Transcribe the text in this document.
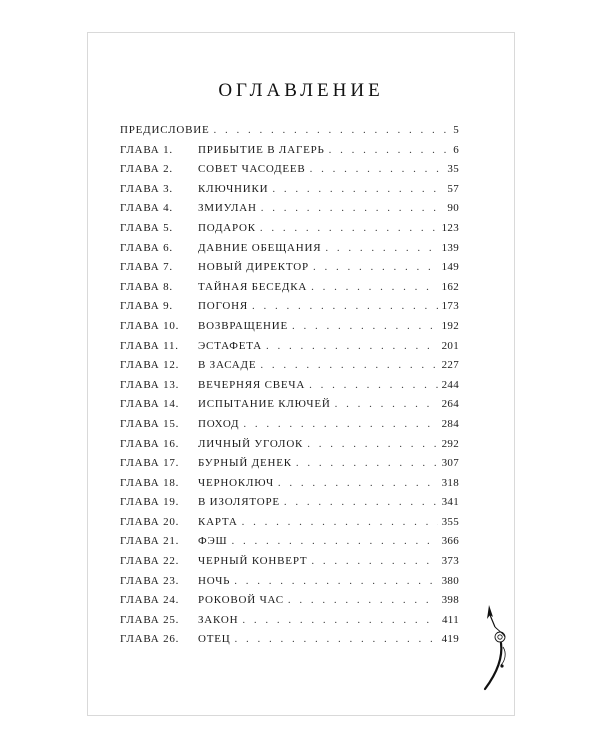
ОГЛАВЛЕНИЕ
ПРЕДИСЛОВИЕ . . .	5
ГЛАВА 1.	ПРИБЫТИЕ В ЛАГЕРЬ . . .	6
ГЛАВА 2.	СОВЕТ ЧАСОДЕЕВ . . .	35
ГЛАВА 3.	КЛЮЧНИКИ . . .	57
ГЛАВА 4.	ЗМИУЛАН . . .	90
ГЛАВА 5.	ПОДАРОК . . .	123
ГЛАВА 6.	ДАВНИЕ ОБЕЩАНИЯ . . .	139
ГЛАВА 7.	НОВЫЙ ДИРЕКТОР . . .	149
ГЛАВА 8.	ТАЙНАЯ БЕСЕДКА . . .	162
ГЛАВА 9.	ПОГОНЯ . . .	173
ГЛАВА 10.	ВОЗВРАЩЕНИЕ . . .	192
ГЛАВА 11.	ЭСТАФЕТА . . .	201
ГЛАВА 12.	В ЗАСАДЕ . . .	227
ГЛАВА 13.	ВЕЧЕРНЯЯ СВЕЧА . . .	244
ГЛАВА 14.	ИСПЫТАНИЕ КЛЮЧЕЙ . . .	264
ГЛАВА 15.	ПОХОД . . .	284
ГЛАВА 16.	ЛИЧНЫЙ УГОЛОК . . .	292
ГЛАВА 17.	БУРНЫЙ ДЕНЕК . . .	307
ГЛАВА 18.	ЧЕРНОКЛЮЧ . . .	318
ГЛАВА 19.	В ИЗОЛЯТОРЕ . . .	341
ГЛАВА 20.	КАРТА . . .	355
ГЛАВА 21.	ФЭШ . . .	366
ГЛАВА 22.	ЧЕРНЫЙ КОНВЕРТ . . .	373
ГЛАВА 23.	НОЧЬ . . .	380
ГЛАВА 24.	РОКОВОЙ ЧАС . . .	398
ГЛАВА 25.	ЗАКОН . . .	411
ГЛАВА 26.	ОТЕЦ . . .	419
